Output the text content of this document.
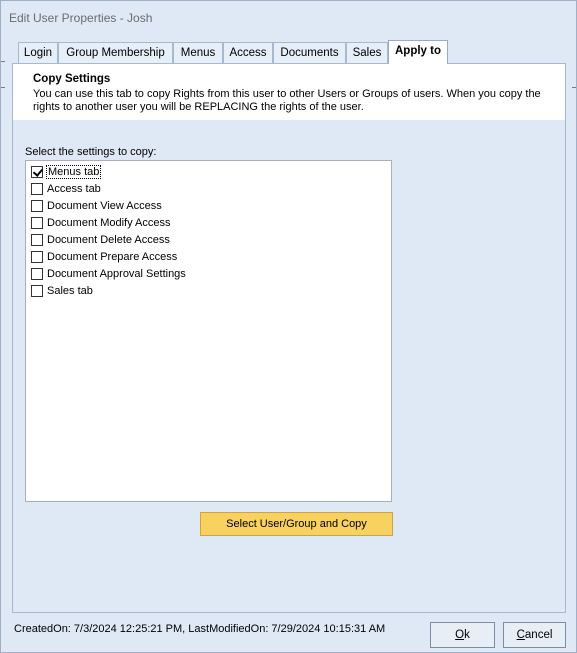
Edit User Properties - Josh
Login	Group Membership	Menus	Access	Documents	Sales	Apply to
Copy Settings
You can use this tab to copy Rights from this user to other Users or Groups of users. When you copy the rights to another user you will be REPLACING the rights of the user.
Select the settings to copy:
Menus tab
Access tab
Document View Access
Document Modify Access
Document Delete Access
Document Prepare Access
Document Approval Settings
Sales tab
Select User/Group and Copy
CreatedOn: 7/3/2024 12:25:21 PM, LastModifiedOn: 7/29/2024 10:15:31 AM	Ok	Cancel
